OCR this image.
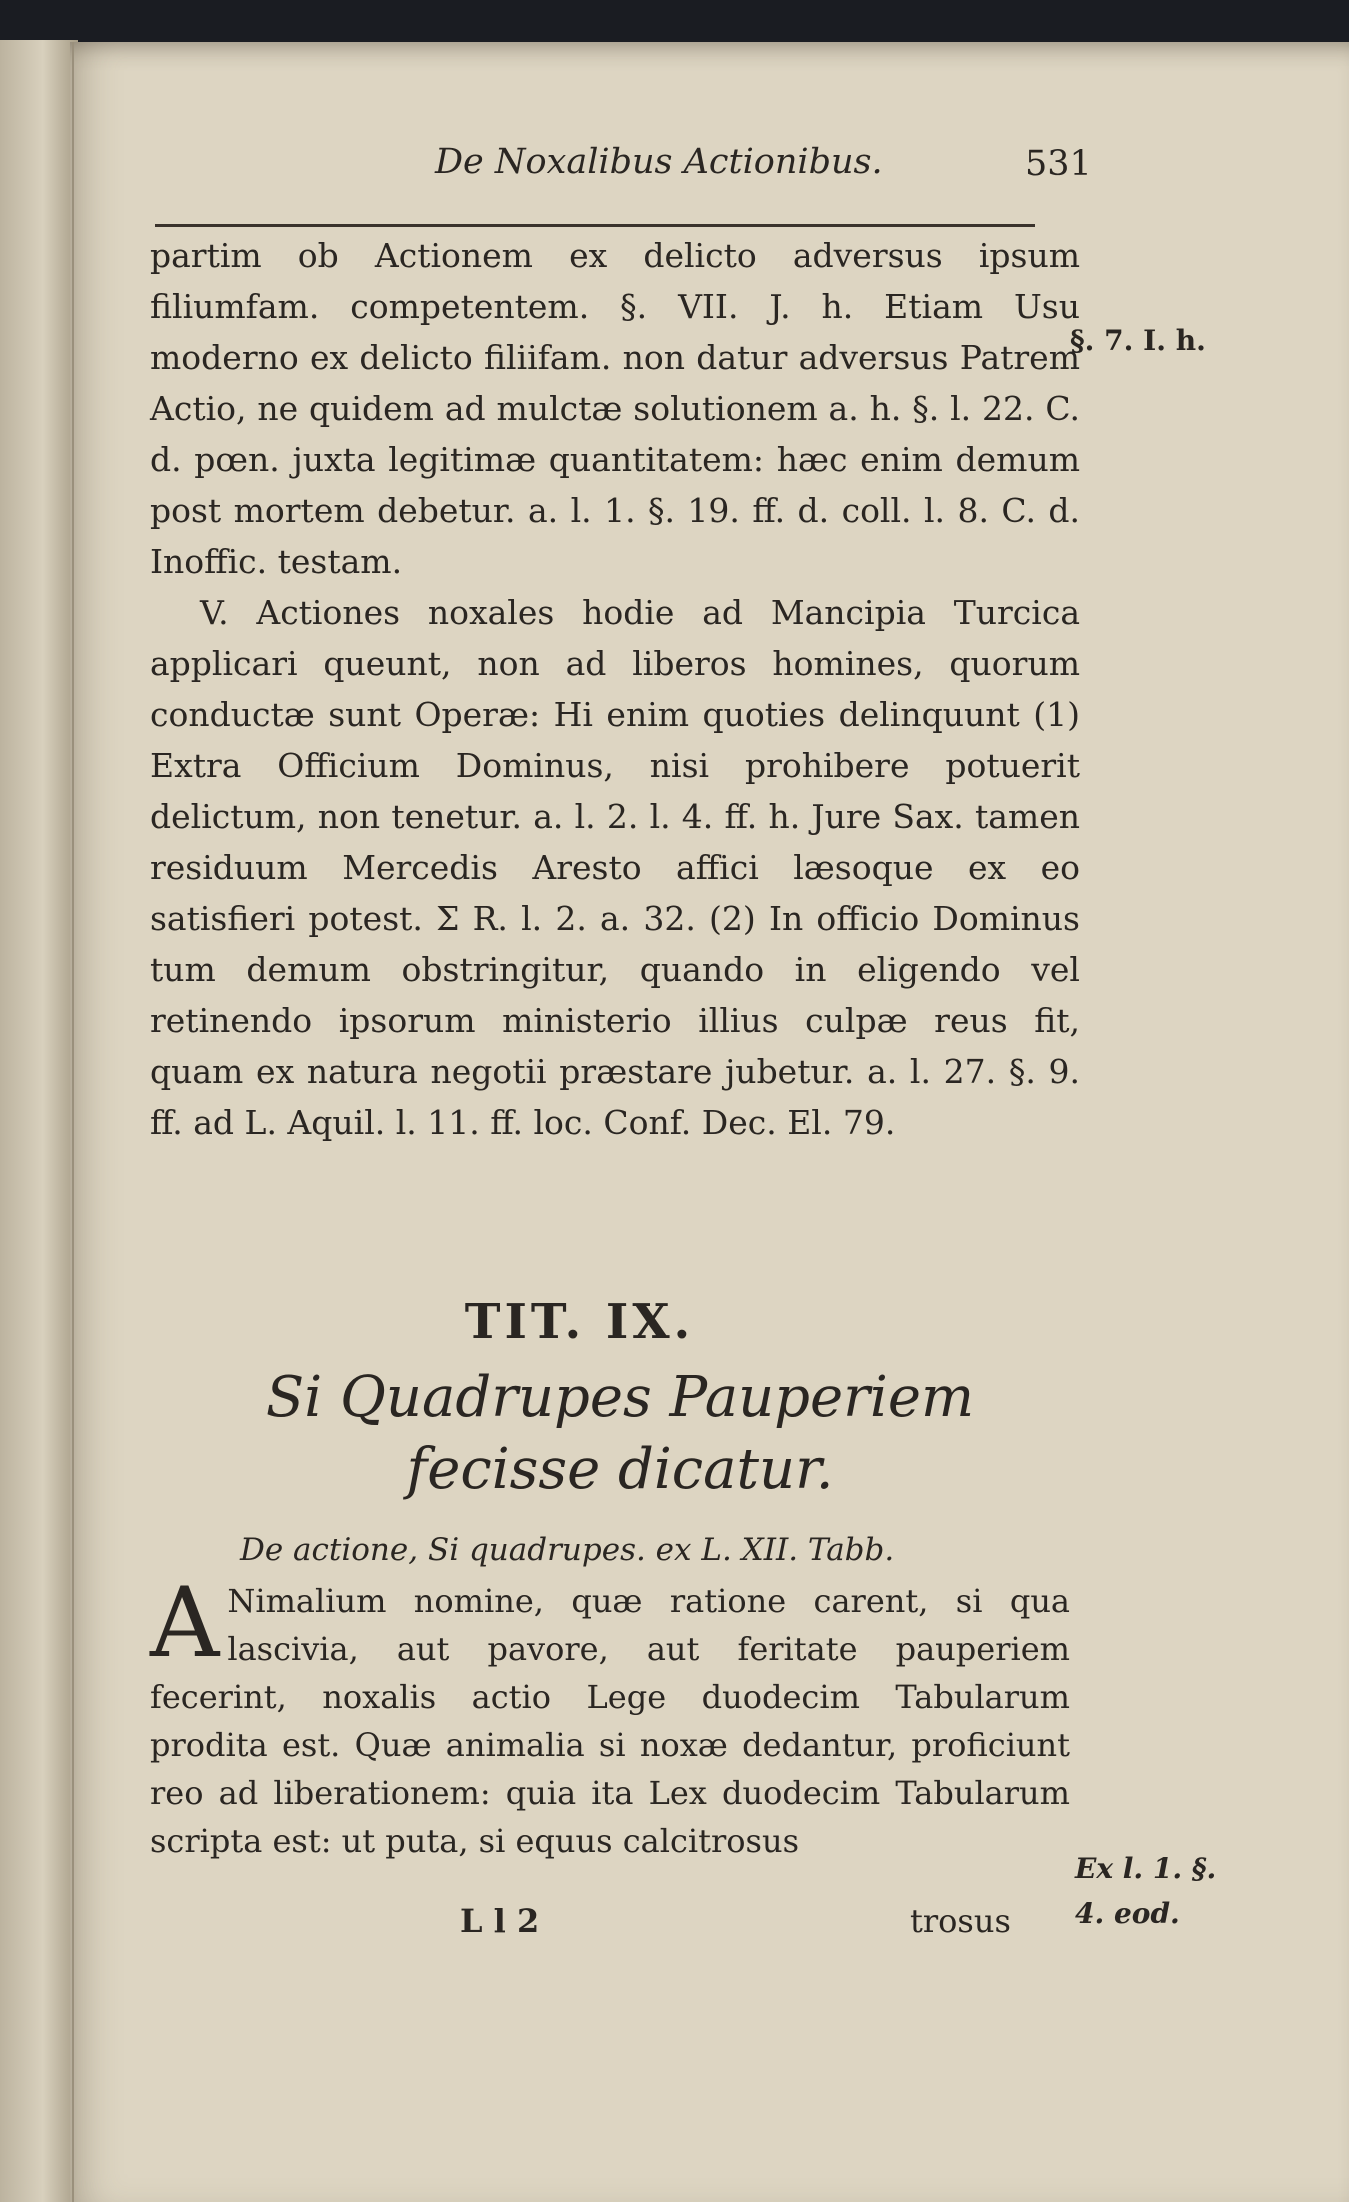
De Noxalibus Actionibus.	531

partim ob Actionem ex delicto adversus ipsum filiumfam. competentem. §. VII. J. h. Etiam Usu moderno ex delicto filiifam. non datur adversus Patrem Actio, ne quidem ad mulctæ solutionem a. h. §. l. 22. C. d. pœn. juxta legitimæ quantitatem: hæc enim demum post mortem debetur. a. l. 1. §. 19. ff. d. coll. l. 8. C. d. Inoffic. testam.

V. Actiones noxales hodie ad Mancipia Turcica applicari queunt, non ad liberos homines, quorum conductæ sunt Operæ: Hi enim quoties delinquunt (1) Extra Officium Dominus, nisi prohibere potuerit delictum, non tenetur. a. l. 2. l. 4. ff. h. Jure Sax. tamen residuum Mercedis Aresto affici læsoque ex eo satisfieri potest. Σ R. l. 2. a. 32. (2) In officio Dominus tum demum obstringitur, quando in eligendo vel retinendo ipsorum ministerio illius culpæ reus fit, quam ex natura negotii præstare jubetur. a. l. 27. §. 9. ff. ad L. Aquil. l. 11. ff. loc. Conf. Dec. El. 79.

TIT. IX.
Si Quadrupes Pauperiem fecisse dicatur.
De actione, Si quadrupes. ex L. XII. Tabb.
A Nimalium nomine, quæ ratione carent, si qua lascivia, aut pavore, aut feritate pauperiem fecerint, noxalis actio Lege duodecim Tabularum prodita est. Quæ animalia si noxæ dedantur, proficiunt reo ad liberationem: quia ita Lex duodecim Tabularum scripta est: ut puta, si equus calcitrosus
L l 2	trosus
§. 7. I. h.
Ex l. 1. §.
4. eod.
